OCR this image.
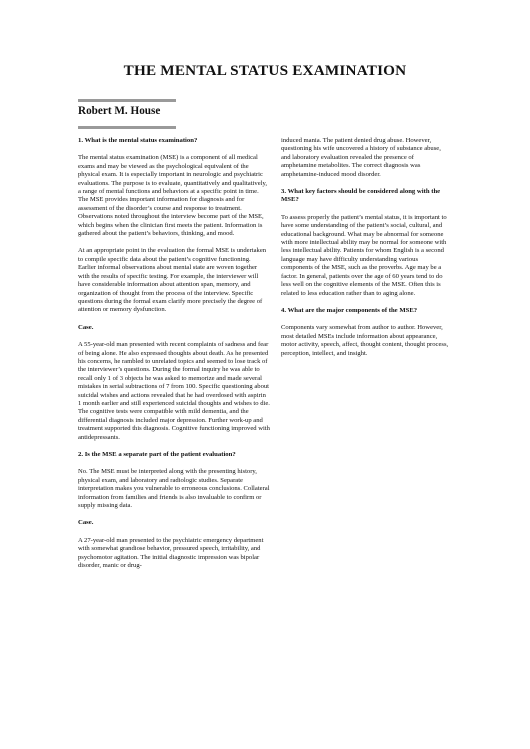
THE MENTAL STATUS EXAMINATION
Robert M. House
1. What is the mental status examination?

The mental status examination (MSE) is a component of all medical exams and may be viewed as the psychological equivalent of the physical exam. It is especially important in neurologic and psychiatric evaluations. The purpose is to evaluate, quantitatively and qualitatively, a range of mental functions and behaviors at a specific point in time. The MSE provides important information for diagnosis and for assessment of the disorder’s course and response to treatment. Observations noted throughout the interview become part of the MSE, which begins when the clinician first meets the patient. Information is gathered about the patient’s behaviors, thinking, and mood.

At an appropriate point in the evaluation the formal MSE is undertaken to compile specific data about the patient’s cognitive functioning. Earlier informal observations about mental state are woven together with the results of specific testing. For example, the interviewer will have considerable information about attention span, memory, and organization of thought from the process of the interview. Specific questions during the formal exam clarify more precisely the degree of attention or memory dysfunction.

Case.

A 55-year-old man presented with recent complaints of sadness and fear of being alone. He also expressed thoughts about death. As he presented his concerns, he rambled to unrelated topics and seemed to lose track of the interviewer’s questions. During the formal inquiry he was able to recall only 1 of 3 objects he was asked to memorize and made several mistakes in serial subtractions of 7 from 100. Specific questioning about suicidal wishes and actions revealed that he had overdosed with aspirin 1 month earlier and still experienced suicidal thoughts and wishes to die. The cognitive tests were compatible with mild dementia, and the differential diagnosis included major depression. Further work-up and treatment supported this diagnosis. Cognitive functioning improved with antidepressants.

2. Is the MSE a separate part of the patient evaluation?

No. The MSE must be interpreted along with the presenting history, physical exam, and laboratory and radiologic studies. Separate interpretation makes you vulnerable to erroneous conclusions. Collateral information from families and friends is also invaluable to confirm or supply missing data.

Case.

A 27-year-old man presented to the psychiatric emergency department with somewhat grandiose behavior, pressured speech, irritability, and psychomotor agitation. The initial diagnostic impression was bipolar disorder, manic or drug-

induced mania. The patient denied drug abuse. However, questioning his wife uncovered a history of substance abuse, and laboratory evaluation revealed the presence of amphetamine metabolites. The correct diagnosis was amphetamine-induced mood disorder.

3. What key factors should be considered along with the MSE?

To assess properly the patient’s mental status, it is important to have some understanding of the patient’s social, cultural, and educational background. What may be abnormal for someone with more intellectual ability may be normal for someone with less intellectual ability. Patients for whom English is a second language may have difficulty understanding various components of the MSE, such as the proverbs. Age may be a factor. In general, patients over the age of 60 years tend to do less well on the cognitive elements of the MSE. Often this is related to less education rather than to aging alone.

4. What are the major components of the MSE?

Components vary somewhat from author to author. However, most detailed MSEs include information about appearance, motor activity, speech, affect, thought content, thought process, perception, intellect, and insight.
